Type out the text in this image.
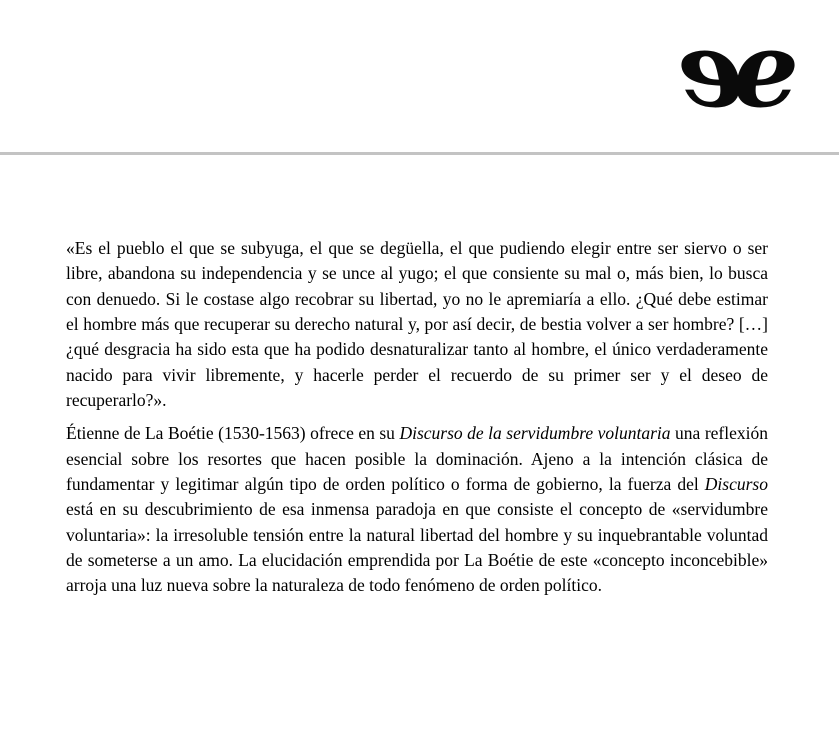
ee

«Es el pueblo el que se subyuga, el que se degüella, el que pudiendo elegir entre ser siervo o ser libre, abandona su independencia y se unce al yugo; el que consiente su mal o, más bien, lo busca con denuedo. Si le costase algo recobrar su libertad, yo no le apremiaría a ello. ¿Qué debe estimar el hombre más que recuperar su derecho natural y, por así decir, de bestia volver a ser hombre? […] ¿qué desgracia ha sido esta que ha podido desnaturalizar tanto al hombre, el único verdaderamente nacido para vivir libremente, y hacerle perder el recuerdo de su primer ser y el deseo de recuperarlo?».

Étienne de La Boétie (1530-1563) ofrece en su Discurso de la servidumbre voluntaria una reflexión esencial sobre los resortes que hacen posible la dominación. Ajeno a la intención clásica de fundamentar y legitimar algún tipo de orden político o forma de gobierno, la fuerza del Discurso está en su descubrimiento de esa inmensa paradoja en que consiste el concepto de «servidumbre voluntaria»: la irresoluble tensión entre la natural libertad del hombre y su inquebrantable voluntad de someterse a un amo. La elucidación emprendida por La Boétie de este «concepto inconcebible» arroja una luz nueva sobre la naturaleza de todo fenómeno de orden político.
